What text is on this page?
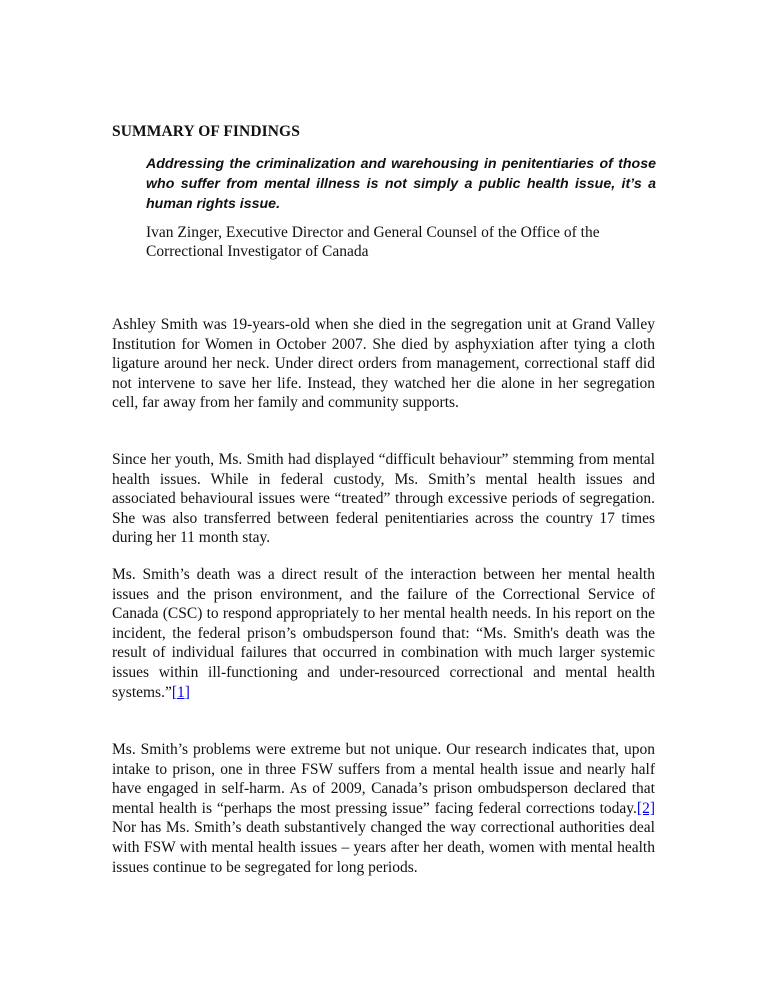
SUMMARY OF FINDINGS

Addressing the criminalization and warehousing in penitentiaries of those who suffer from mental illness is not simply a public health issue, it’s a human rights issue.

Ivan Zinger, Executive Director and General Counsel of the Office of the Correctional Investigator of Canada

Ashley Smith was 19-years-old when she died in the segregation unit at Grand Valley Institution for Women in October 2007. She died by asphyxiation after tying a cloth ligature around her neck. Under direct orders from management, correctional staff did not intervene to save her life. Instead, they watched her die alone in her segregation cell, far away from her family and community supports.

Since her youth, Ms. Smith had displayed “difficult behaviour” stemming from mental health issues. While in federal custody, Ms. Smith’s mental health issues and associated behavioural issues were “treated” through excessive periods of segregation. She was also transferred between federal penitentiaries across the country 17 times during her 11 month stay.

Ms. Smith’s death was a direct result of the interaction between her mental health issues and the prison environment, and the failure of the Correctional Service of Canada (CSC) to respond appropriately to her mental health needs. In his report on the incident, the federal prison’s ombudsperson found that: “Ms. Smith's death was the result of individual failures that occurred in combination with much larger systemic issues within ill-functioning and under-resourced correctional and mental health systems.”[1]

Ms. Smith’s problems were extreme but not unique. Our research indicates that, upon intake to prison, one in three FSW suffers from a mental health issue and nearly half have engaged in self-harm. As of 2009, Canada’s prison ombudsperson declared that mental health is “perhaps the most pressing issue” facing federal corrections today.[2] Nor has Ms. Smith’s death substantively changed the way correctional authorities deal with FSW with mental health issues – years after her death, women with mental health issues continue to be segregated for long periods.
